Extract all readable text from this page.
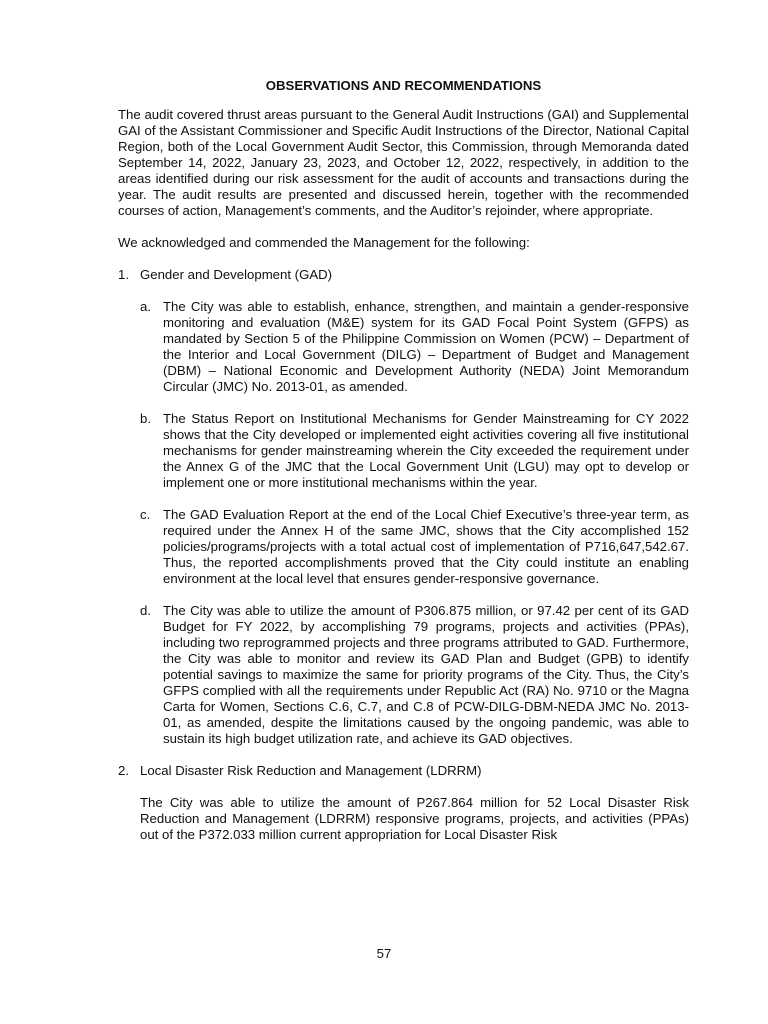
OBSERVATIONS AND RECOMMENDATIONS

The audit covered thrust areas pursuant to the General Audit Instructions (GAI) and Supplemental GAI of the Assistant Commissioner and Specific Audit Instructions of the Director, National Capital Region, both of the Local Government Audit Sector, this Commission, through Memoranda dated September 14, 2022, January 23, 2023, and October 12, 2022, respectively, in addition to the areas identified during our risk assessment for the audit of accounts and transactions during the year. The audit results are presented and discussed herein, together with the recommended courses of action, Management’s comments, and the Auditor’s rejoinder, where appropriate.

We acknowledged and commended the Management for the following:

1. Gender and Development (GAD)
a. The City was able to establish, enhance, strengthen, and maintain a gender-responsive monitoring and evaluation (M&E) system for its GAD Focal Point System (GFPS) as mandated by Section 5 of the Philippine Commission on Women (PCW) – Department of the Interior and Local Government (DILG) – Department of Budget and Management (DBM) – National Economic and Development Authority (NEDA) Joint Memorandum Circular (JMC) No. 2013-01, as amended.

b. The Status Report on Institutional Mechanisms for Gender Mainstreaming for CY 2022 shows that the City developed or implemented eight activities covering all five institutional mechanisms for gender mainstreaming wherein the City exceeded the requirement under the Annex G of the JMC that the Local Government Unit (LGU) may opt to develop or implement one or more institutional mechanisms within the year.

c. The GAD Evaluation Report at the end of the Local Chief Executive’s three-year term, as required under the Annex H of the same JMC, shows that the City accomplished 152 policies/programs/projects with a total actual cost of implementation of P716,647,542.67. Thus, the reported accomplishments proved that the City could institute an enabling environment at the local level that ensures gender-responsive governance.

d. The City was able to utilize the amount of P306.875 million, or 97.42 per cent of its GAD Budget for FY 2022, by accomplishing 79 programs, projects and activities (PPAs), including two reprogrammed projects and three programs attributed to GAD. Furthermore, the City was able to monitor and review its GAD Plan and Budget (GPB) to identify potential savings to maximize the same for priority programs of the City. Thus, the City’s GFPS complied with all the requirements under Republic Act (RA) No. 9710 or the Magna Carta for Women, Sections C.6, C.7, and C.8 of PCW-DILG-DBM-NEDA JMC No. 2013-01, as amended, despite the limitations caused by the ongoing pandemic, was able to sustain its high budget utilization rate, and achieve its GAD objectives.

2. Local Disaster Risk Reduction and Management (LDRRM)

The City was able to utilize the amount of P267.864 million for 52 Local Disaster Risk Reduction and Management (LDRRM) responsive programs, projects, and activities (PPAs) out of the P372.033 million current appropriation for Local Disaster Risk

57
